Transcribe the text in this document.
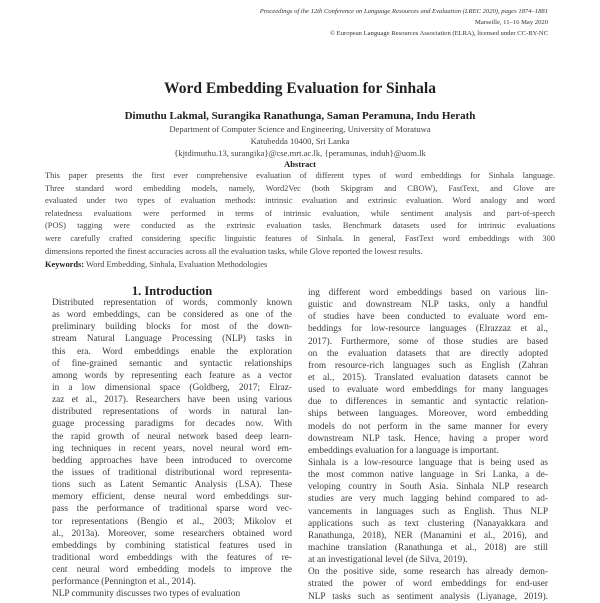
Proceedings of the 12th Conference on Language Resources and Evaluation (LREC 2020), pages 1874–1881
Marseille, 11–16 May 2020
© European Language Resources Association (ELRA), licensed under CC-BY-NC
Word Embedding Evaluation for Sinhala
Dimuthu Lakmal, Surangika Ranathunga, Saman Peramuna, Indu Herath
Department of Computer Science and Engineering, University of Moratuwa
Katubedda 10400, Sri Lanka
{kjtdimuthu.13, surangika}@cse.mrt.ac.lk, {peramunas, induh}@uom.lk
Abstract
This paper presents the first ever comprehensive evaluation of different types of word embeddings for Sinhala language.
Three standard word embedding models, namely, Word2Vec (both Skipgram and CBOW), FastText, and Glove are
evaluated under two types of evaluation methods: intrinsic evaluation and extrinsic evaluation. Word analogy and word
relatedness evaluations were performed in terms of intrinsic evaluation, while sentiment analysis and part-of-speech
(POS) tagging were conducted as the extrinsic evaluation tasks. Benchmark datasets used for intrinsic evaluations
were carefully crafted considering specific linguistic features of Sinhala. In general, FastText word embeddings with 300
dimensions reported the finest accuracies across all the evaluation tasks, while Glove reported the lowest results.
Keywords: Word Embedding, Sinhala, Evaluation Methodologies
1. Introduction
Distributed representation of words, commonly known
as word embeddings, can be considered as one of the
preliminary building blocks for most of the down-
stream Natural Language Processing (NLP) tasks in
this era. Word embeddings enable the exploration
of fine-grained semantic and syntactic relationships
among words by representing each feature as a vector
in a low dimensional space (Goldberg, 2017; Elraz-
zaz et al., 2017). Researchers have been using various
distributed representations of words in natural lan-
guage processing paradigms for decades now. With
the rapid growth of neural network based deep learn-
ing techniques in recent years, novel neural word em-
bedding approaches have been introduced to overcome
the issues of traditional distributional word representa-
tions such as Latent Semantic Analysis (LSA). These
memory efficient, dense neural word embeddings sur-
pass the performance of traditional sparse word vec-
tor representations (Bengio et al., 2003; Mikolov et
al., 2013a). Moreover, some researchers obtained word
embeddings by combining statistical features used in
traditional word embeddings with the features of re-
cent neural word embedding models to improve the
performance (Pennington et al., 2014).
NLP community discusses two types of evaluation
ing different word embeddings based on various lin-
guistic and downstream NLP tasks, only a handful
of studies have been conducted to evaluate word em-
beddings for low-resource languages (Elrazzaz et al.,
2017). Furthermore, some of those studies are based
on the evaluation datasets that are directly adopted
from resource-rich languages such as English (Zahran
et al., 2015). Translated evaluation datasets cannot be
used to evaluate word embeddings for many languages
due to differences in semantic and syntactic relation-
ships between languages. Moreover, word embedding
models do not perform in the same manner for every
downstream NLP task. Hence, having a proper word
embeddings evaluation for a language is important.
Sinhala is a low-resource language that is being used as
the most common native language in Sri Lanka, a de-
veloping country in South Asia. Sinhala NLP research
studies are very much lagging behind compared to ad-
vancements in languages such as English. Thus NLP
applications such as text clustering (Nanayakkara and
Ranathunga, 2018), NER (Manamini et al., 2016), and
machine translation (Ranathunga et al., 2018) are still
at an investigational level (de Silva, 2019).
On the positive side, some research has already demon-
strated the power of word embeddings for end-user
NLP tasks such as sentiment analysis (Liyanage, 2019).
